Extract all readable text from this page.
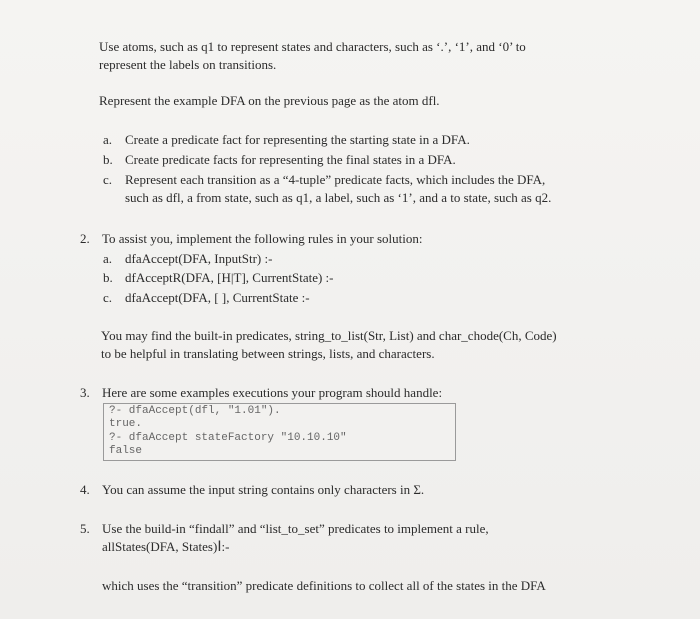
Use atoms, such as q1 to represent states and characters, such as ‘.’, ‘1’, and ‘0’ to
represent the labels on transitions.
Represent the example DFA on the previous page as the atom dfl.
a. Create a predicate fact for representing the starting state in a DFA.
b. Create predicate facts for representing the final states in a DFA.
c. Represent each transition as a “4-tuple” predicate facts, which includes the DFA,
such as dfl, a from state, such as q1, a label, such as ‘1’, and a to state, such as q2.
2. To assist you, implement the following rules in your solution:
a. dfaAccept(DFA, InputStr) :-
b. dfAcceptR(DFA, [H|T], CurrentState) :-
c. dfaAccept(DFA, [ ], CurrentState :-
You may find the built-in predicates, string_to_list(Str, List) and char_chode(Ch, Code)
to be helpful in translating between strings, lists, and characters.
3. Here are some examples executions your program should handle:
?- dfaAccept(dfl, "1.01").
true.
?- dfaAccept stateFactory "10.10.10"
false
4. You can assume the input string contains only characters in Σ.
5. Use the build-in “findall” and “list_to_set” predicates to implement a rule,
allStates(DFA, States)I:-
which uses the “transition” predicate definitions to collect all of the states in the DFA
